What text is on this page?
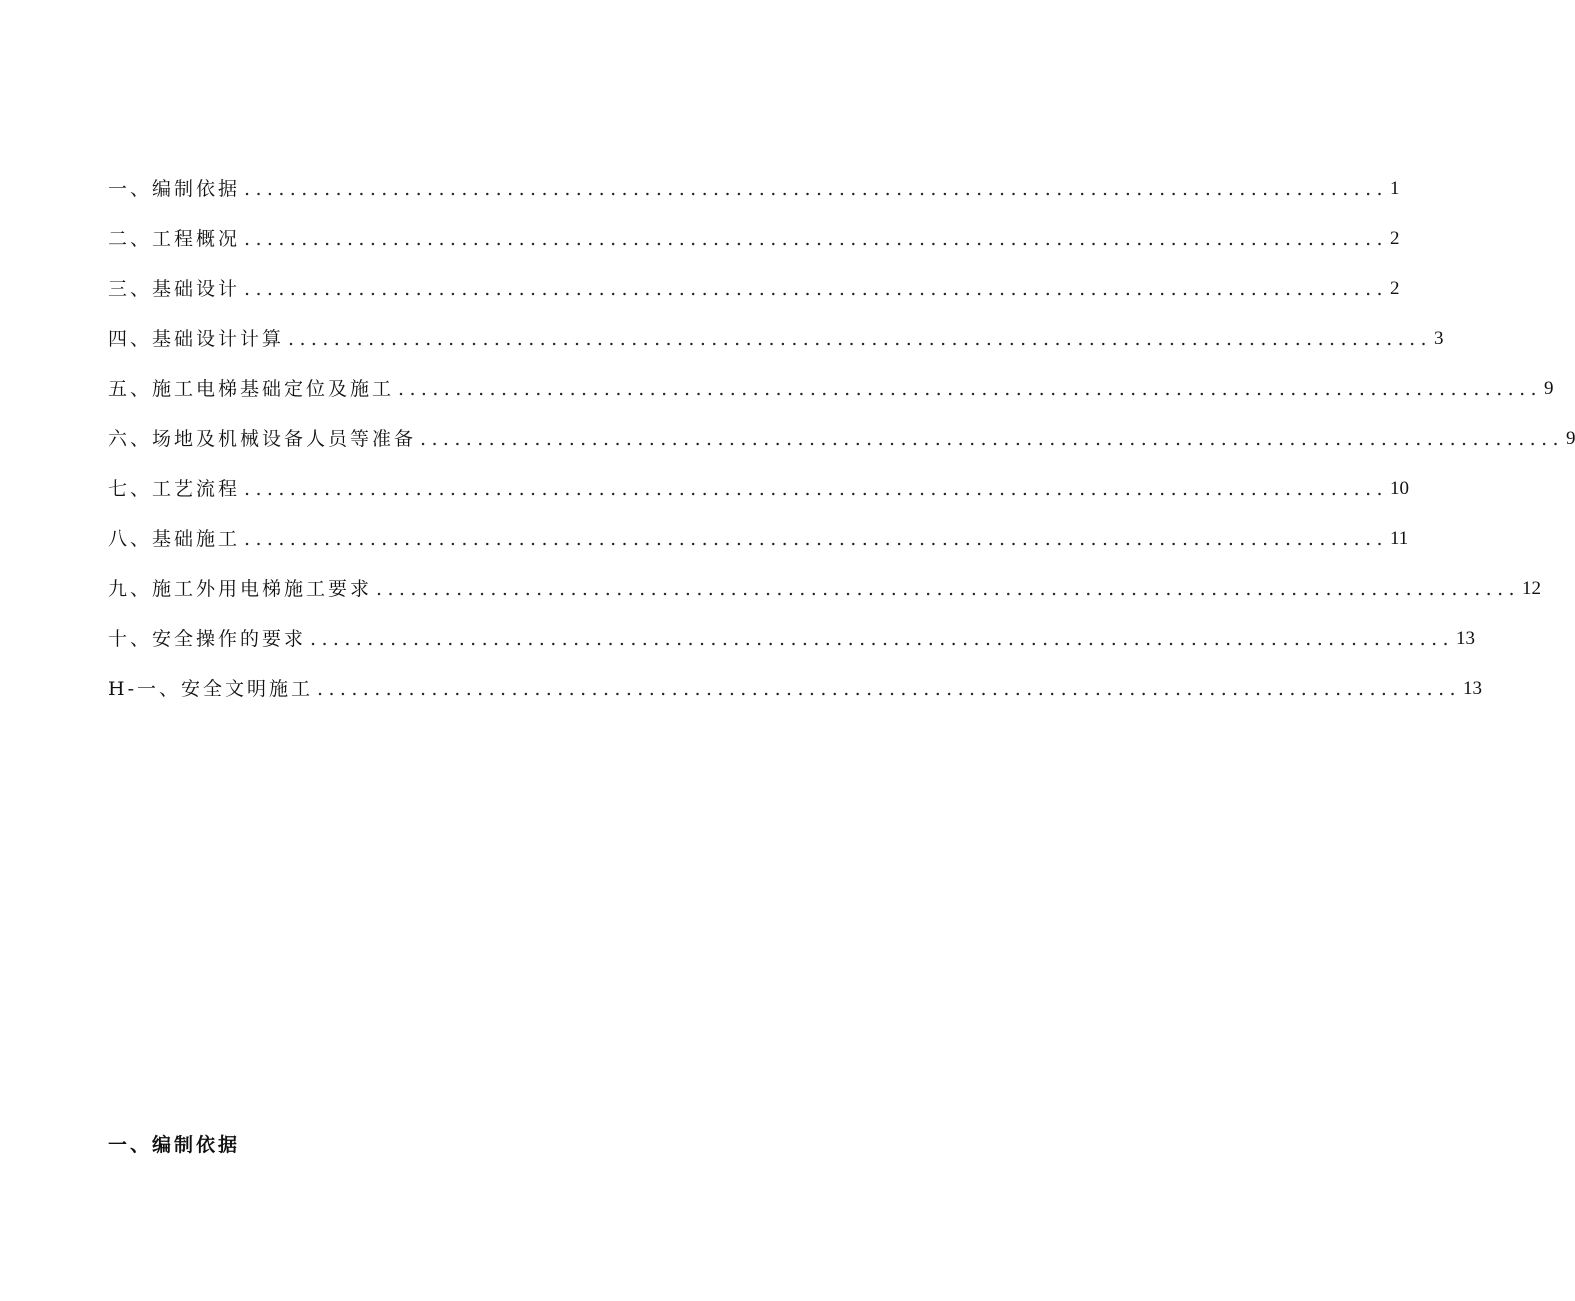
一、编制依据 .................................................................................................... 1
二、工程概况 .................................................................................................... 2
三、基础设计 .................................................................................................... 2
四、基础设计计算 .................................................................................................... 3
五、施工电梯基础定位及施工 .................................................................................................... 9
六、场地及机械设备人员等准备 .................................................................................................... 9
七、工艺流程 .................................................................................................... 10
八、基础施工 .................................................................................................... 11
九、施工外用电梯施工要求 .................................................................................................... 12
十、安全操作的要求 .................................................................................................... 13
H-一、安全文明施工 .................................................................................................... 13
一、编制依据
